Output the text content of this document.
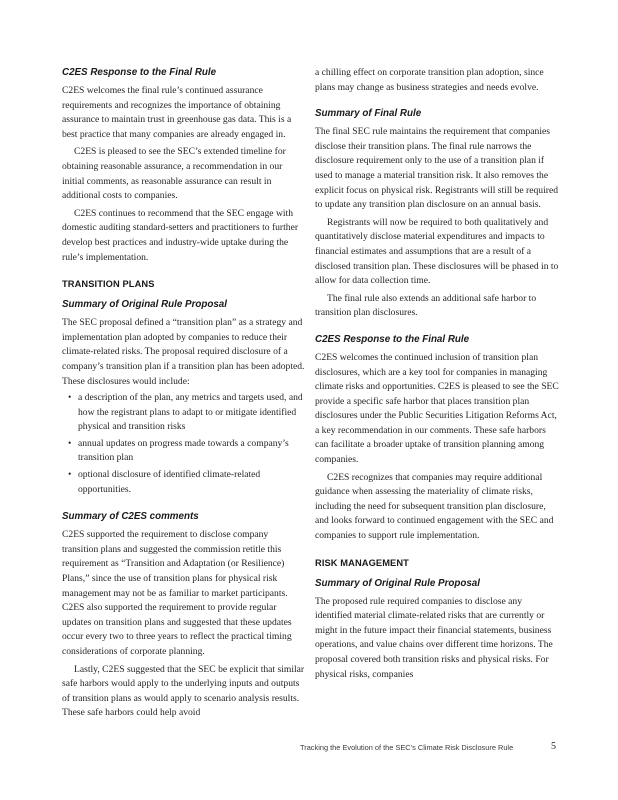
C2ES Response to the Final Rule

C2ES welcomes the final rule’s continued assurance requirements and recognizes the importance of obtaining assurance to maintain trust in greenhouse gas data. This is a best practice that many companies are already engaged in.

C2ES is pleased to see the SEC’s extended timeline for obtaining reasonable assurance, a recommendation in our initial comments, as reasonable assurance can result in additional costs to companies.

C2ES continues to recommend that the SEC engage with domestic auditing standard-setters and practitioners to further develop best practices and industry-wide uptake during the rule’s implementation.

TRANSITION PLANS
Summary of Original Rule Proposal

The SEC proposal defined a “transition plan” as a strategy and implementation plan adopted by companies to reduce their climate-related risks. The proposal required disclosure of a company’s transition plan if a transition plan has been adopted. These disclosures would include:

• a description of the plan, any metrics and targets used, and how the registrant plans to adapt to or mitigate identified physical and transition risks
• annual updates on progress made towards a company’s transition plan
• optional disclosure of identified climate-related opportunities.
Summary of C2ES comments

C2ES supported the requirement to disclose company transition plans and suggested the commission retitle this requirement as “Transition and Adaptation (or Resilience) Plans,” since the use of transition plans for physical risk management may not be as familiar to market participants. C2ES also supported the requirement to provide regular updates on transition plans and suggested that these updates occur every two to three years to reflect the practical timing considerations of corporate planning.

Lastly, C2ES suggested that the SEC be explicit that similar safe harbors would apply to the underlying inputs and outputs of transition plans as would apply to scenario analysis results. These safe harbors could help avoid

a chilling effect on corporate transition plan adoption, since plans may change as business strategies and needs evolve.

Summary of Final Rule

The final SEC rule maintains the requirement that companies disclose their transition plans. The final rule narrows the disclosure requirement only to the use of a transition plan if used to manage a material transition risk. It also removes the explicit focus on physical risk. Registrants will still be required to update any transition plan disclosure on an annual basis.

Registrants will now be required to both qualitatively and quantitatively disclose material expenditures and impacts to financial estimates and assumptions that are a result of a disclosed transition plan. These disclosures will be phased in to allow for data collection time.

The final rule also extends an additional safe harbor to transition plan disclosures.

C2ES Response to the Final Rule

C2ES welcomes the continued inclusion of transition plan disclosures, which are a key tool for companies in managing climate risks and opportunities. C2ES is pleased to see the SEC provide a specific safe harbor that places transition plan disclosures under the Public Securities Litigation Reforms Act, a key recommendation in our comments. These safe harbors can facilitate a broader uptake of transition planning among companies.

C2ES recognizes that companies may require additional guidance when assessing the materiality of climate risks, including the need for subsequent transition plan disclosure, and looks forward to continued engagement with the SEC and companies to support rule implementation.

RISK MANAGEMENT
Summary of Original Rule Proposal

The proposed rule required companies to disclose any identified material climate-related risks that are currently or might in the future impact their financial statements, business operations, and value chains over different time horizons. The proposal covered both transition risks and physical risks. For physical risks, companies

Tracking the Evolution of the SEC’s Climate Risk Disclosure Rule	5
